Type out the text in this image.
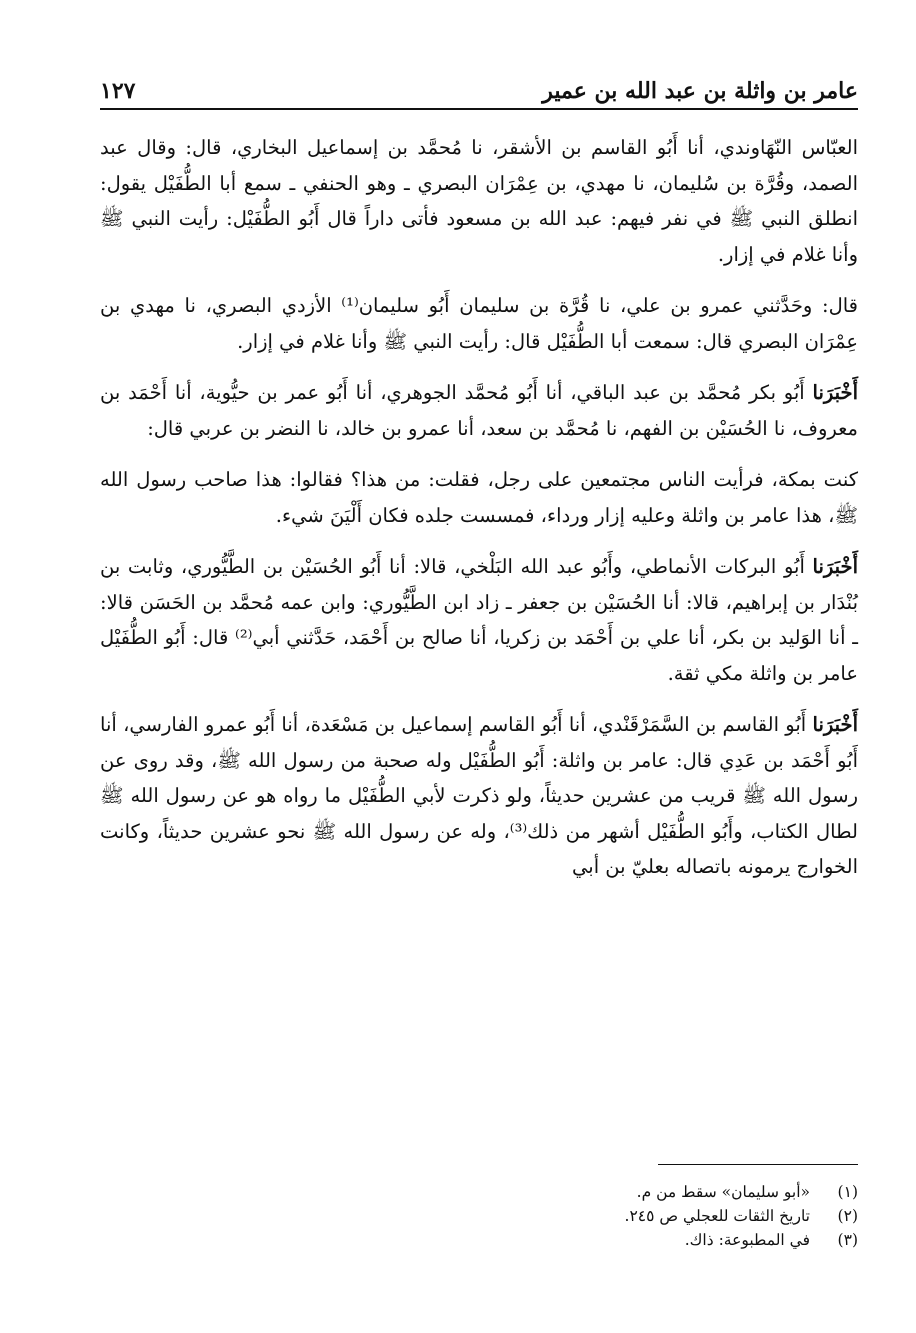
عامر بن واثلة بن عبد الله بن عمير
١٢٧

العبّاس النّهَاوندي، أنا أَبُو القاسم بن الأشقر، نا مُحمَّد بن إسماعيل البخاري، قال: وقال عبد الصمد، وقُرَّة بن سُليمان، نا مهدي، بن عِمْرَان البصري ـ وهو الحنفي ـ سمع أبا الطُّفَيْل يقول: انطلق النبي ﷺ في نفر فيهم: عبد الله بن مسعود فأتى داراً قال أَبُو الطُّفَيْل: رأيت النبي ﷺ وأنا غلام في إزار.

قال: وحَدَّثني عمرو بن علي، نا قُرَّة بن سليمان أَبُو سليمان⁽¹⁾ الأزدي البصري، نا مهدي بن عِمْرَان البصري قال: سمعت أبا الطُّفَيْل قال: رأيت النبي ﷺ وأنا غلام في إزار.

أَخْبَرَنا أَبُو بكر مُحمَّد بن عبد الباقي، أنا أَبُو مُحمَّد الجوهري، أنا أَبُو عمر بن حيُّوية، أنا أَحْمَد بن معروف، نا الحُسَيْن بن الفهم، نا مُحمَّد بن سعد، أنا عمرو بن خالد، نا النضر بن عربي قال:

كنت بمكة، فرأيت الناس مجتمعين على رجل، فقلت: من هذا؟ فقالوا: هذا صاحب رسول الله ﷺ، هذا عامر بن واثلة وعليه إزار ورداء، فمسست جلده فكان أَلْيَنَ شيء.

أَخْبَرَنا أَبُو البركات الأنماطي، وأَبُو عبد الله البَلْخي، قالا: أنا أَبُو الحُسَيْن بن الطَّيُّوري، وثابت بن بُنْدَار بن إبراهيم، قالا: أنا الحُسَيْن بن جعفر ـ زاد ابن الطَّيُّوري: وابن عمه مُحمَّد بن الحَسَن قالا: ـ أنا الوَليد بن بكر، أنا علي بن أَحْمَد بن زكريا، أنا صالح بن أَحْمَد، حَدَّثني أبي⁽²⁾ قال: أَبُو الطُّفَيْل عامر بن واثلة مكي ثقة.

أَخْبَرَنا أَبُو القاسم بن السَّمَرْقَنْدي، أنا أَبُو القاسم إسماعيل بن مَسْعَدة، أنا أَبُو عمرو الفارسي، أنا أَبُو أَحْمَد بن عَدِي قال: عامر بن واثلة: أَبُو الطُّفَيْل وله صحبة من رسول الله ﷺ، وقد روى عن رسول الله ﷺ قريب من عشرين حديثاً، ولو ذكرت لأبي الطُّفَيْل ما رواه هو عن رسول الله ﷺ لطال الكتاب، وأَبُو الطُّفَيْل أشهر من ذلك⁽³⁾، وله عن رسول الله ﷺ نحو عشرين حديثاً، وكانت الخوارج يرمونه باتصاله بعليّ بن أبي

(١)
«أبو سليمان» سقط من م.
(٢)
تاريخ الثقات للعجلي ص ٢٤٥.
(٣)
في المطبوعة: ذاك.
